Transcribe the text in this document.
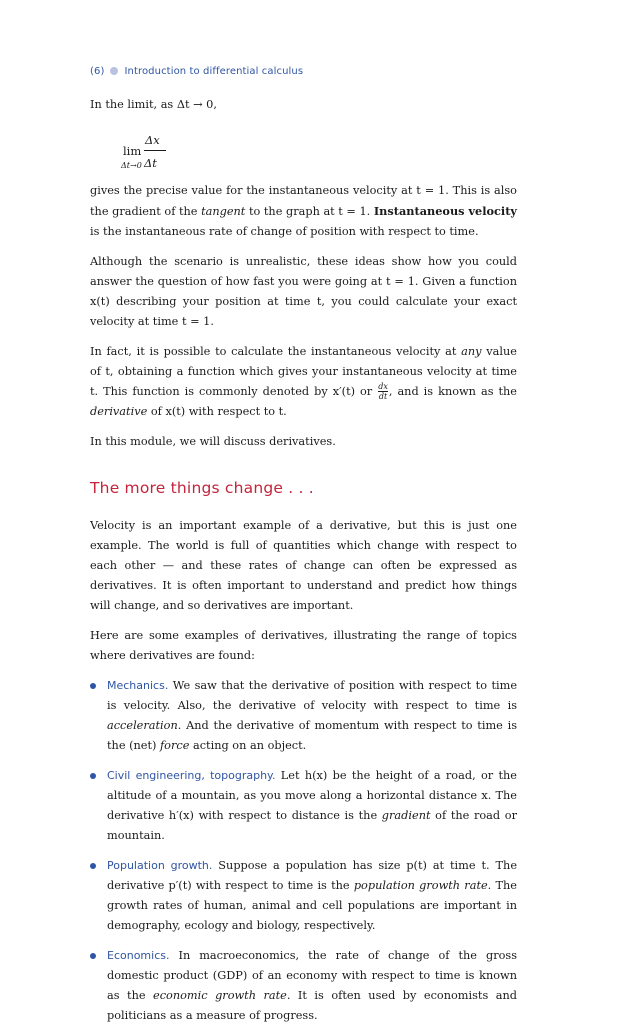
(6) Introduction to differential calculus

In the limit, as Δt → 0,

lim
Δt→0
Δx
Δt

gives the precise value for the instantaneous velocity at t = 1. This is also the gradient of the tangent to the graph at t = 1. Instantaneous velocity is the instantaneous rate of change of position with respect to time.

Although the scenario is unrealistic, these ideas show how you could answer the question of how fast you were going at t = 1. Given a function x(t) describing your position at time t, you could calculate your exact velocity at time t = 1.

In fact, it is possible to calculate the instantaneous velocity at any value of t, obtaining a function which gives your instantaneous velocity at time t. This function is commonly denoted by x′(t) or $\frac{dx}{dt}$ , and is known as the derivative of x(t) with respect to t.

In this module, we will discuss derivatives.

The more things change . . .

Velocity is an important example of a derivative, but this is just one example. The world is full of quantities which change with respect to each other — and these rates of change can often be expressed as derivatives. It is often important to understand and predict how things will change, and so derivatives are important.

Here are some examples of derivatives, illustrating the range of topics where derivatives are found:

Mechanics. We saw that the derivative of position with respect to time is velocity. Also, the derivative of velocity with respect to time is acceleration. And the derivative of momentum with respect to time is the (net) force acting on an object.
Civil engineering, topography. Let h(x) be the height of a road, or the altitude of a mountain, as you move along a horizontal distance x. The derivative h′(x) with respect to distance is the gradient of the road or mountain.
Population growth. Suppose a population has size p(t) at time t. The derivative p′(t) with respect to time is the population growth rate. The growth rates of human, animal and cell populations are important in demography, ecology and biology, respectively.
Economics. In macroeconomics, the rate of change of the gross domestic product (GDP) of an economy with respect to time is known as the economic growth rate. It is often used by economists and politicians as a measure of progress.
